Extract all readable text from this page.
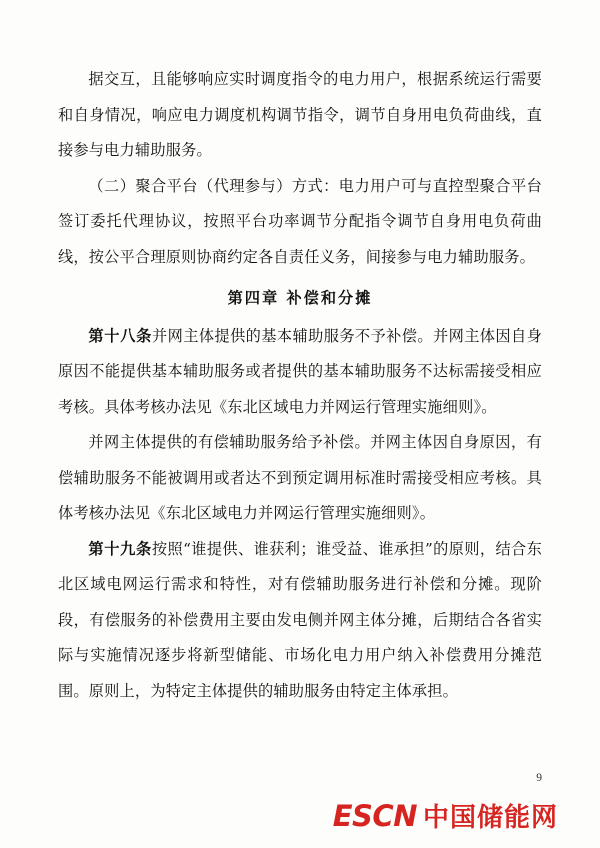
据交互，且能够响应实时调度指令的电力用户，根据系统运行需要和自身情况，响应电力调度机构调节指令，调节自身用电负荷曲线，直接参与电力辅助服务。

（二）聚合平台（代理参与）方式：电力用户可与直控型聚合平台签订委托代理协议，按照平台功率调节分配指令调节自身用电负荷曲线，按公平合理原则协商约定各自责任义务，间接参与电力辅助服务。

第四章 补偿和分摊

第十八条并网主体提供的基本辅助服务不予补偿。并网主体因自身原因不能提供基本辅助服务或者提供的基本辅助服务不达标需接受相应考核。具体考核办法见《东北区域电力并网运行管理实施细则》。

并网主体提供的有偿辅助服务给予补偿。并网主体因自身原因，有偿辅助服务不能被调用或者达不到预定调用标准时需接受相应考核。具体考核办法见《东北区域电力并网运行管理实施细则》。

第十九条按照“谁提供、谁获利；谁受益、谁承担”的原则，结合东北区域电网运行需求和特性，对有偿辅助服务进行补偿和分摊。现阶段，有偿服务的补偿费用主要由发电侧并网主体分摊，后期结合各省实际与实施情况逐步将新型储能、市场化电力用户纳入补偿费用分摊范围。原则上，为特定主体提供的辅助服务由特定主体承担。

9
ESCN 中国储能网
